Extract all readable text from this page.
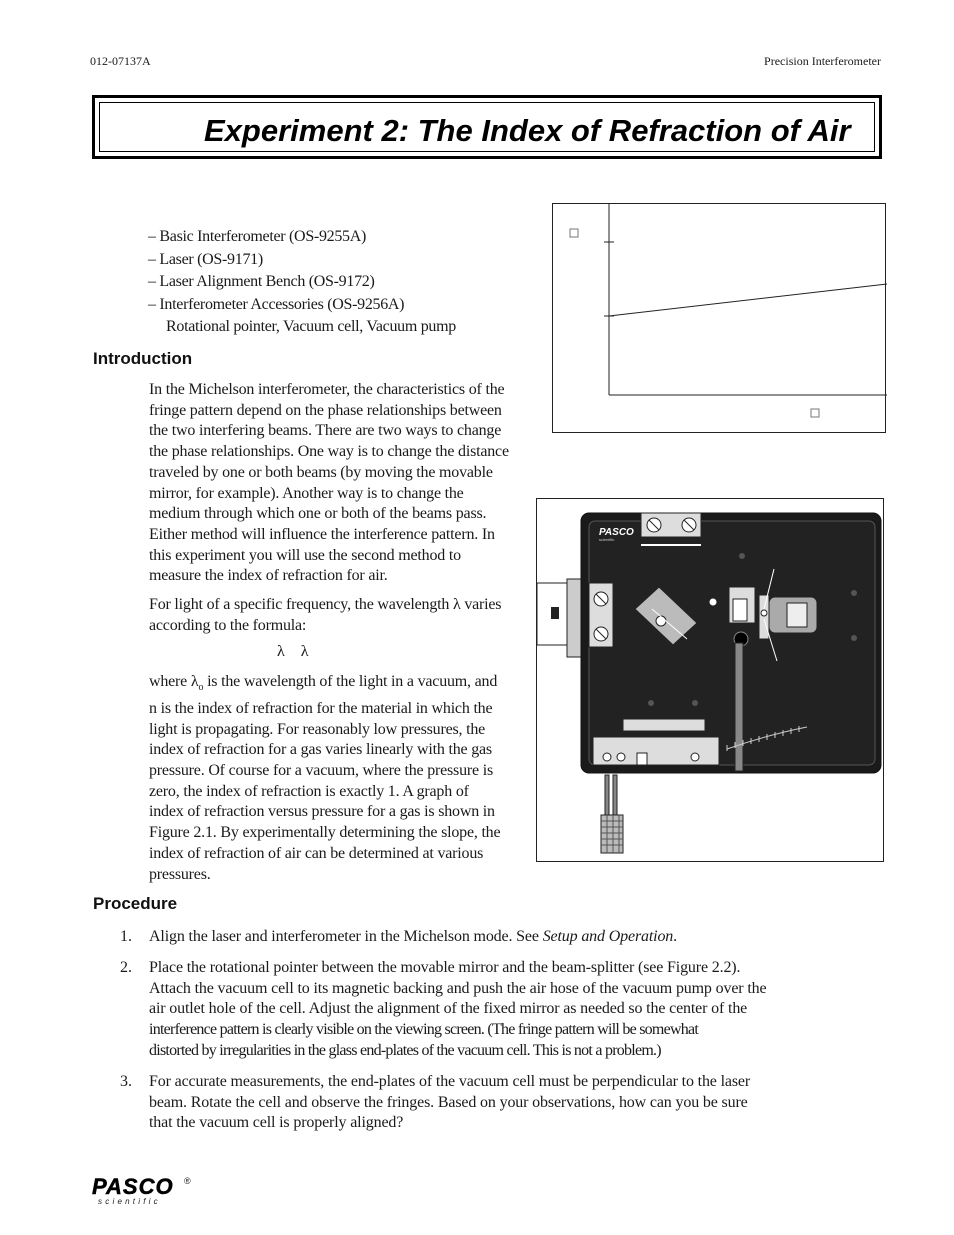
012-07137A	Precision Interferometer
Experiment 2: The Index of Refraction of Air
– Basic Interferometer (OS-9255A)
– Laser (OS-9171)
– Laser Alignment Bench (OS-9172)
– Interferometer Accessories (OS-9256A)
Rotational pointer, Vacuum cell, Vacuum pump
Introduction

In the Michelson interferometer, the characteristics of the

fringe pattern depend on the phase relationships between

the two interfering beams. There are two ways to change

the phase relationships. One way is to change the distance

traveled by one or both beams (by moving the movable

mirror, for example). Another way is to change the

medium through which one or both of the beams pass.

Either method will influence the interference pattern. In

this experiment you will use the second method to

measure the index of refraction for air.

For light of a specific frequency, the wavelength λ varies

according to the formula:

λ    λ

where $\lambda_o$ is the wavelength of the light in a vacuum, and

n is the index of refraction for the material in which the

light is propagating. For reasonably low pressures, the

index of refraction for a gas varies linearly with the gas

pressure. Of course for a vacuum, where the pressure is

zero, the index of refraction is exactly 1. A graph of

index of refraction versus pressure for a gas is shown in

Figure 2.1. By experimentally determining the slope, the

index of refraction of air can be determined at various

pressures.

PASCO
scientific
Procedure
1.	Align the laser and interferometer in the Michelson mode. See Setup and Operation.
2.	Place the rotational pointer between the movable mirror and the beam-splitter (see Figure 2.2).
Attach the vacuum cell to its magnetic backing and push the air hose of the vacuum pump over the
air outlet hole of the cell. Adjust the alignment of the fixed mirror as needed so the center of the
interference pattern is clearly visible on the viewing screen. (The fringe pattern will be somewhat
distorted by irregularities in the glass end-plates of the vacuum cell. This is not a problem.)
3.	For accurate measurements, the end-plates of the vacuum cell must be perpendicular to the laser
beam. Rotate the cell and observe the fringes. Based on your observations, how can you be sure
that the vacuum cell is properly aligned?
PASCO ®
s c i e n t i f i c
